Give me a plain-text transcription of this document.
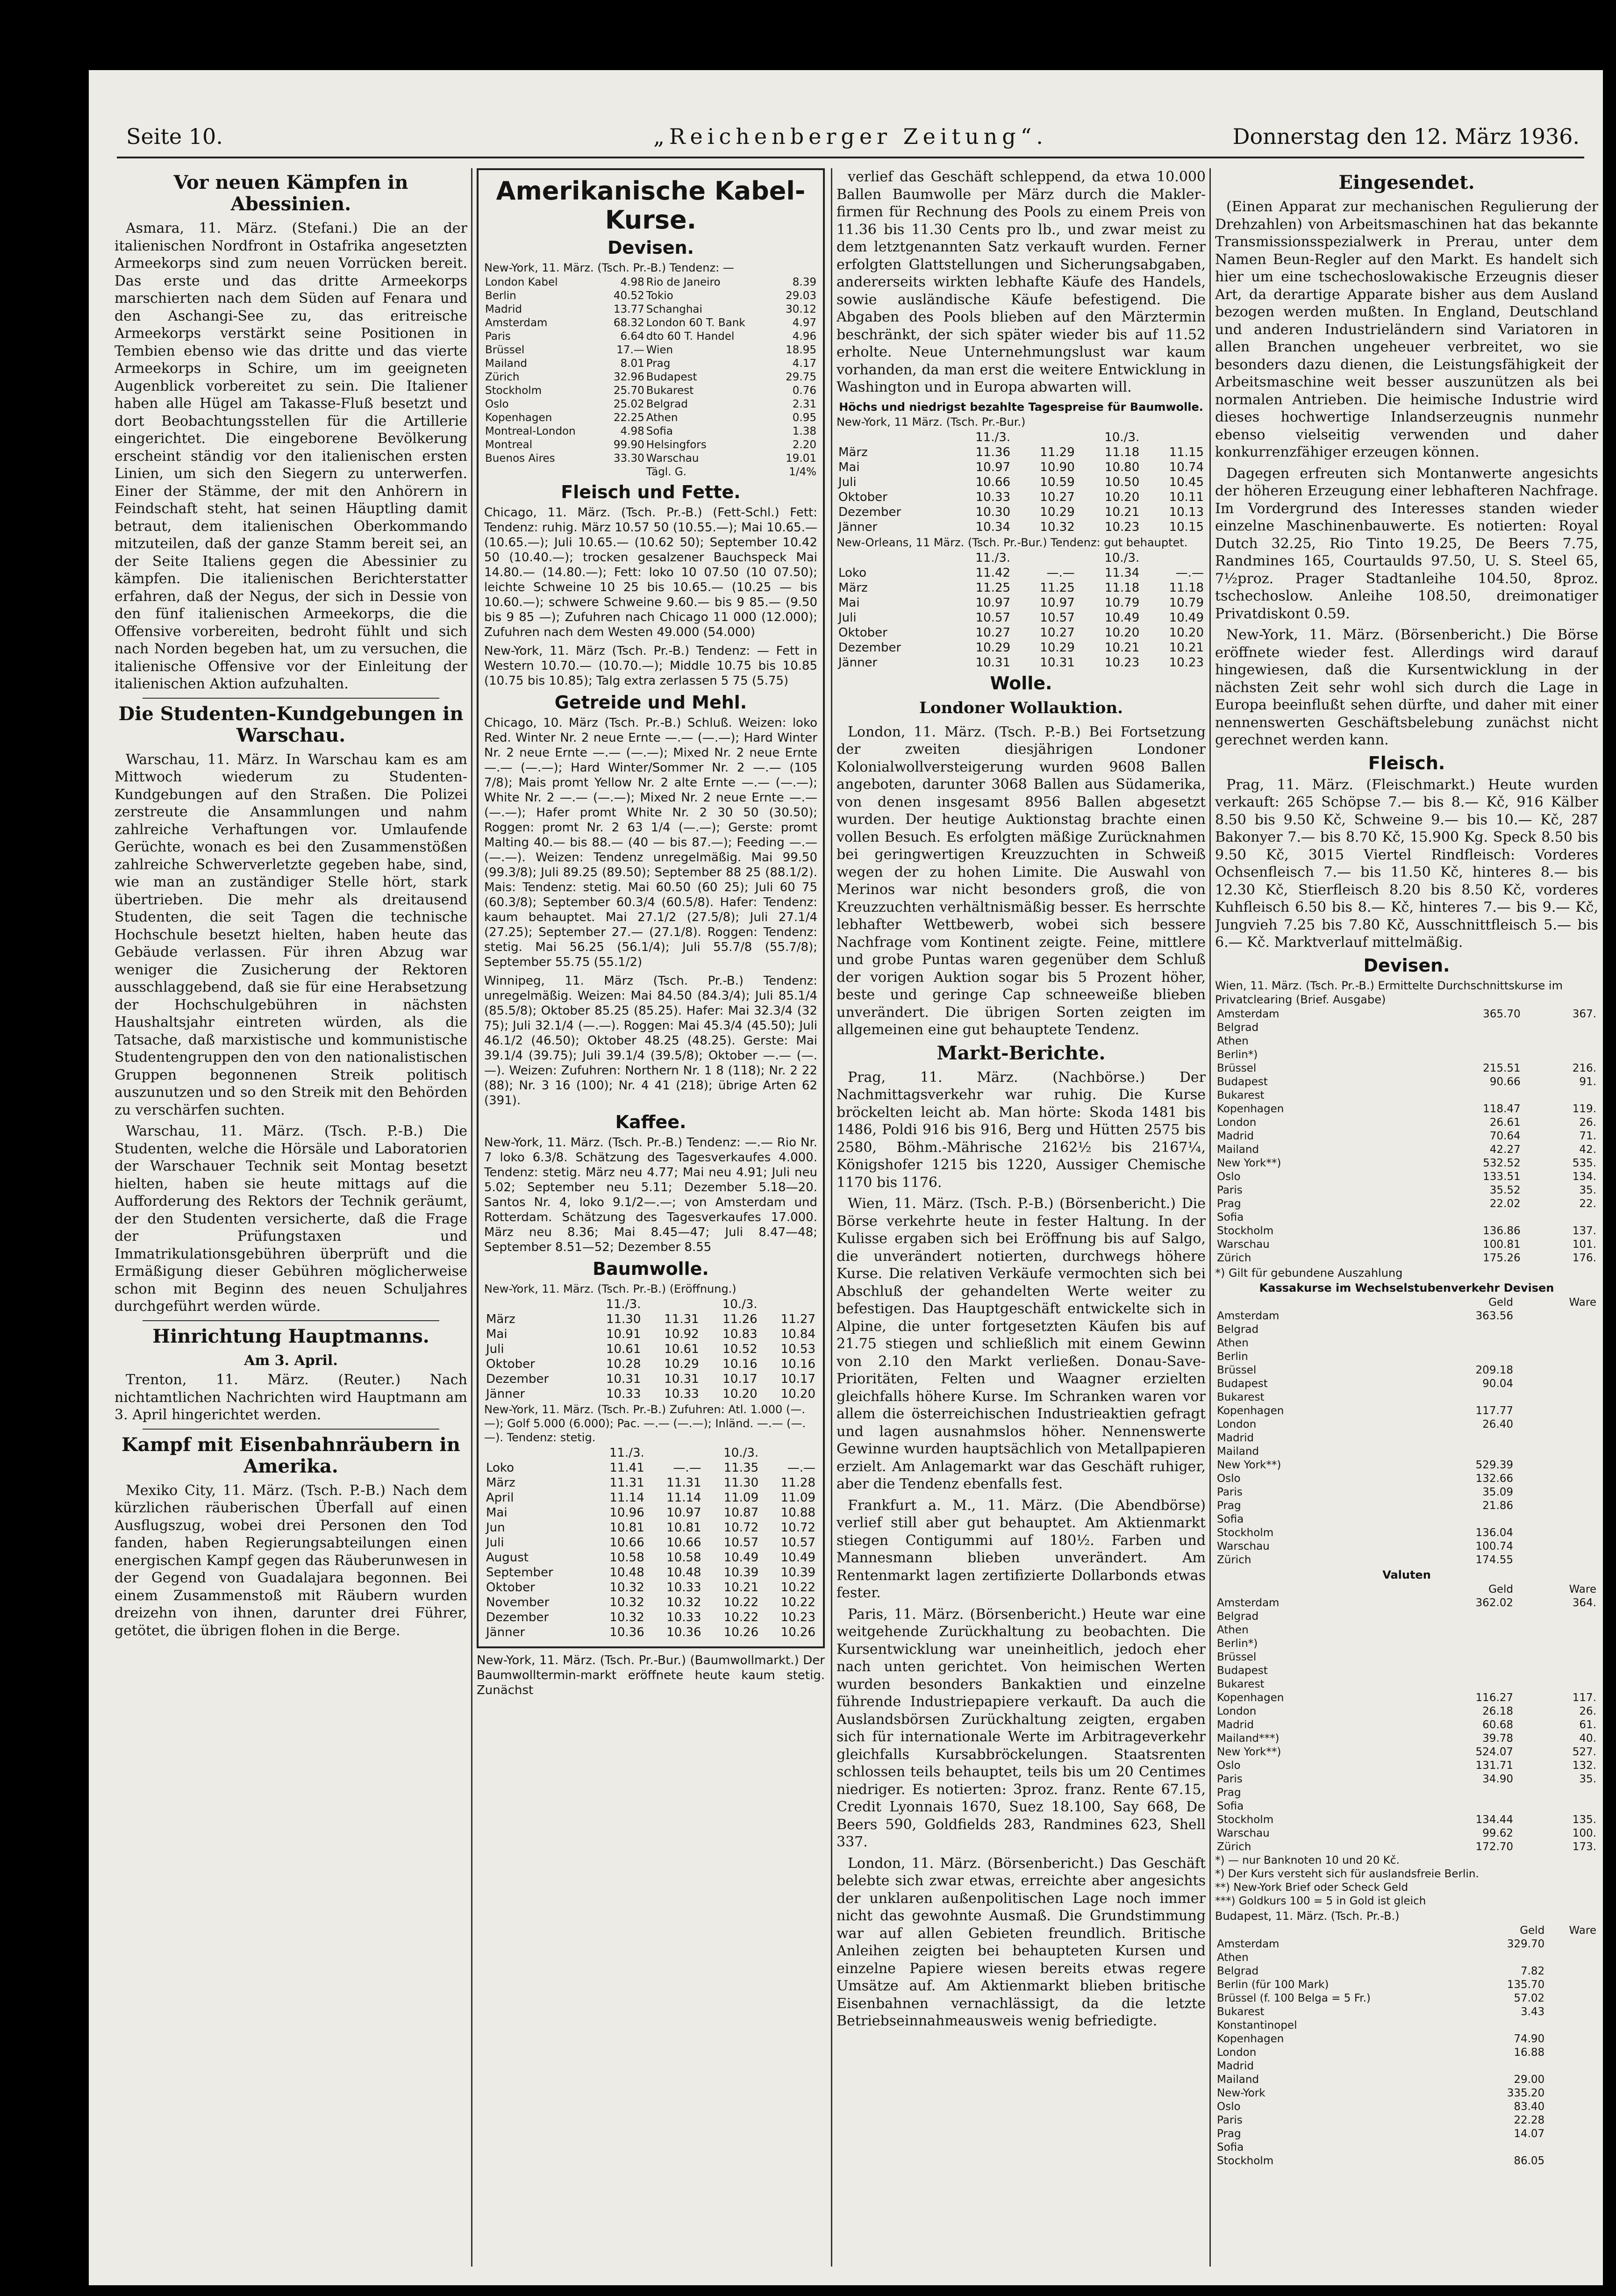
Seite 10.	„Reichenberger Zeitung“.	Donnerstag den 12. März 1936.
Vor neuen Kämpfen in Abessinien.

Asmara, 11. März. (Stefani.) Die an der italienischen Nordfront in Ostafrika angesetzten Armeekorps sind zum neuen Vorrücken bereit. Das erste und das dritte Armeekorps marschierten nach dem Süden auf Fenara und den Aschangi-See zu, das eritreische Armeekorps verstärkt seine Positionen in Tembien ebenso wie das dritte und das vierte Armeekorps in Schire, um im geeigneten Augenblick vorbereitet zu sein. Die Italiener haben alle Hügel am Takasse-Fluß besetzt und dort Beobachtungsstellen für die Artillerie eingerichtet. Die eingeborene Bevölkerung erscheint ständig vor den italienischen ersten Linien, um sich den Siegern zu unterwerfen. Einer der Stämme, der mit den Anhörern in Feindschaft steht, hat seinen Häuptling damit betraut, dem italienischen Oberkommando mitzuteilen, daß der ganze Stamm bereit sei, an der Seite Italiens gegen die Abessinier zu kämpfen. Die italienischen Berichterstatter erfahren, daß der Negus, der sich in Dessie von den fünf italienischen Armeekorps, die die Offensive vorbereiten, bedroht fühlt und sich nach Norden begeben hat, um zu versuchen, die italienische Offensive vor der Einleitung der italienischen Aktion aufzuhalten.

Die Studenten-Kundgebungen in Warschau.

Warschau, 11. März. In Warschau kam es am Mittwoch wiederum zu Studenten-Kundgebungen auf den Straßen. Die Polizei zerstreute die Ansammlungen und nahm zahlreiche Verhaftungen vor. Umlaufende Gerüchte, wonach es bei den Zusammenstößen zahlreiche Schwerverletzte gegeben habe, sind, wie man an zuständiger Stelle hört, stark übertrieben. Die mehr als dreitausend Studenten, die seit Tagen die technische Hochschule besetzt hielten, haben heute das Gebäude verlassen. Für ihren Abzug war weniger die Zusicherung der Rektoren ausschlaggebend, daß sie für eine Herabsetzung der Hochschulgebühren in nächsten Haushaltsjahr eintreten würden, als die Tatsache, daß marxistische und kommunistische Studentengruppen den von den nationalistischen Gruppen begonnenen Streik politisch auszunutzen und so den Streik mit den Behörden zu verschärfen suchten.

Warschau, 11. März. (Tsch. P.-B.) Die Studenten, welche die Hörsäle und Laboratorien der Warschauer Technik seit Montag besetzt hielten, haben sie heute mittags auf die Aufforderung des Rektors der Technik geräumt, der den Studenten versicherte, daß die Frage der Prüfungstaxen und Immatrikulationsgebühren überprüft und die Ermäßigung dieser Gebühren möglicherweise schon mit Beginn des neuen Schuljahres durchgeführt werden würde.

Hinrichtung Hauptmanns.
Am 3. April.

Trenton, 11. März. (Reuter.) Nach nichtamtlichen Nachrichten wird Hauptmann am 3. April hingerichtet werden.

Kampf mit Eisenbahnräubern in Amerika.

Mexiko City, 11. März. (Tsch. P.-B.) Nach dem kürzlichen räuberischen Überfall auf einen Ausflugszug, wobei drei Personen den Tod fanden, haben Regierungsabteilungen einen energischen Kampf gegen das Räuberunwesen in der Gegend von Guadalajara begonnen. Bei einem Zusammenstoß mit Räubern wurden dreizehn von ihnen, darunter drei Führer, getötet, die übrigen flohen in die Berge.

Amerikanische Kabel-Kurse.
Devisen.
New-York, 11. März. (Tsch. Pr.-B.) Tendenz: —
London Kabel	4.98	Rio de Janeiro	8.39
Berlin	40.52	Tokio	29.03
Madrid	13.77	Schanghai	30.12
Amsterdam	68.32	London 60 T. Bank	4.97
Paris	6.64	dto 60 T. Handel	4.96
Brüssel	17.—	Wien	18.95
Mailand	8.01	Prag	4.17
Zürich	32.96	Budapest	29.75
Stockholm	25.70	Bukarest	0.76
Oslo	25.02	Belgrad	2.31
Kopenhagen	22.25	Athen	0.95
Montreal-London	4.98	Sofia	1.38
Montreal	99.90	Helsingfors	2.20
Buenos Aires	33.30	Warschau	19.01
		Tägl. G.	1/4%
Fleisch und Fette.

Chicago, 11. März. (Tsch. Pr.-B.) (Fett-Schl.) Fett: Tendenz: ruhig. März 10.57 50 (10.55.—); Mai 10.65.— (10.65.—); Juli 10.65.— (10.62 50); September 10.42 50 (10.40.—); trocken gesalzener Bauchspeck Mai 14.80.— (14.80.—); Fett: loko 10 07.50 (10 07.50); leichte Schweine 10 25 bis 10.65.— (10.25 — bis 10.60.—); schwere Schweine 9.60.— bis 9 85.— (9.50 bis 9 85 —); Zufuhren nach Chicago 11 000 (12.000); Zufuhren nach dem Westen 49.000 (54.000)

New-York, 11. März (Tsch. Pr.-B.) Tendenz: — Fett in Western 10.70.— (10.70.—); Middle 10.75 bis 10.85 (10.75 bis 10.85); Talg extra zerlassen 5 75 (5.75)

Getreide und Mehl.

Chicago, 10. März (Tsch. Pr.-B.) Schluß. Weizen: loko Red. Winter Nr. 2 neue Ernte —.— (—.—); Hard Winter Nr. 2 neue Ernte —.— (—.—); Mixed Nr. 2 neue Ernte —.— (—.—); Hard Winter/Sommer Nr. 2 —.— (105 7/8); Mais promt Yellow Nr. 2 alte Ernte —.— (—.—); White Nr. 2 —.— (—.—); Mixed Nr. 2 neue Ernte —.— (—.—); Hafer promt White Nr. 2 30 50 (30.50); Roggen: promt Nr. 2 63 1/4 (—.—); Gerste: promt Malting 40.— bis 88.— (40 — bis 87.—); Feeding —.— (—.—). Weizen: Tendenz unregelmäßig. Mai 99.50 (99.3/8); Juli 89.25 (89.50); September 88 25 (88.1/2). Mais: Tendenz: stetig. Mai 60.50 (60 25); Juli 60 75 (60.3/8); September 60.3/4 (60.5/8). Hafer: Tendenz: kaum behauptet. Mai 27.1/2 (27.5/8); Juli 27.1/4 (27.25); September 27.— (27.1/8). Roggen: Tendenz: stetig. Mai 56.25 (56.1/4); Juli 55.7/8 (55.7/8); September 55.75 (55.1/2)

Winnipeg, 11. März (Tsch. Pr.-B.) Tendenz: unregelmäßig. Weizen: Mai 84.50 (84.3/4); Juli 85.1/4 (85.5/8); Oktober 85.25 (85.25). Hafer: Mai 32.3/4 (32 75); Juli 32.1/4 (—.—). Roggen: Mai 45.3/4 (45.50); Juli 46.1/2 (46.50); Oktober 48.25 (48.25). Gerste: Mai 39.1/4 (39.75); Juli 39.1/4 (39.5/8); Oktober —.— (—.—). Weizen: Zufuhren: Northern Nr. 1 8 (118); Nr. 2 22 (88); Nr. 3 16 (100); Nr. 4 41 (218); übrige Arten 62 (391).

Kaffee.

New-York, 11. März. (Tsch. Pr.-B.) Tendenz: —.— Rio Nr. 7 loko 6.3/8. Schätzung des Tagesverkaufes 4.000. Tendenz: stetig. März neu 4.77; Mai neu 4.91; Juli neu 5.02; September neu 5.11; Dezember 5.18—20. Santos Nr. 4, loko 9.1/2—.—; von Amsterdam und Rotterdam. Schätzung des Tagesverkaufes 17.000. März neu 8.36; Mai 8.45—47; Juli 8.47—48; September 8.51—52; Dezember 8.55

Baumwolle.
New-York, 11. März. (Tsch. Pr.-B.) (Eröffnung.)
	11./3.		10./3.	
März	11.30	11.31	11.26	11.27
Mai	10.91	10.92	10.83	10.84
Juli	10.61	10.61	10.52	10.53
Oktober	10.28	10.29	10.16	10.16
Dezember	10.31	10.31	10.17	10.17
Jänner	10.33	10.33	10.20	10.20
New-York, 11. März. (Tsch. Pr.-B.) Zufuhren: Atl. 1.000 (—.—); Golf 5.000 (6.000); Pac. —.— (—.—); Inländ. —.— (—.—). Tendenz: stetig.
	11./3.		10./3.	
Loko	11.41	—.—	11.35	—.—
März	11.31	11.31	11.30	11.28
April	11.14	11.14	11.09	11.09
Mai	10.96	10.97	10.87	10.88
Jun	10.81	10.81	10.72	10.72
Juli	10.66	10.66	10.57	10.57
August	10.58	10.58	10.49	10.49
September	10.48	10.48	10.39	10.39
Oktober	10.32	10.33	10.21	10.22
November	10.32	10.32	10.22	10.22
Dezember	10.32	10.33	10.22	10.23
Jänner	10.36	10.36	10.26	10.26

New-York, 11. März. (Tsch. Pr.-Bur.) (Baumwollmarkt.) Der Baumwolltermin-markt eröffnete heute kaum stetig. Zunächst

verlief das Geschäft schleppend, da etwa 10.000 Ballen Baumwolle per März durch die Makler-firmen für Rechnung des Pools zu einem Preis von 11.36 bis 11.30 Cents pro lb., und zwar meist zu dem letztgenannten Satz verkauft wurden. Ferner erfolgten Glattstellungen und Sicherungsabgaben, andererseits wirkten lebhafte Käufe des Handels, sowie ausländische Käufe befestigend. Die Abgaben des Pools blieben auf den Märztermin beschränkt, der sich später wieder bis auf 11.52 erholte. Neue Unternehmungslust war kaum vorhanden, da man erst die weitere Entwicklung in Washington und in Europa abwarten will.

Höchs und niedrigst bezahlte Tagespreise für Baumwolle.
New-York, 11 März. (Tsch. Pr.-Bur.)
	11./3.		10./3.	
März	11.36	11.29	11.18	11.15
Mai	10.97	10.90	10.80	10.74
Juli	10.66	10.59	10.50	10.45
Oktober	10.33	10.27	10.20	10.11
Dezember	10.30	10.29	10.21	10.13
Jänner	10.34	10.32	10.23	10.15
New-Orleans, 11 März. (Tsch. Pr.-Bur.) Tendenz: gut behauptet.
	11./3.		10./3.	
Loko	11.42	—.—	11.34	—.—
März	11.25	11.25	11.18	11.18
Mai	10.97	10.97	10.79	10.79
Juli	10.57	10.57	10.49	10.49
Oktober	10.27	10.27	10.20	10.20
Dezember	10.29	10.29	10.21	10.21
Jänner	10.31	10.31	10.23	10.23
Wolle.
Londoner Wollauktion.

London, 11. März. (Tsch. P.-B.) Bei Fortsetzung der zweiten diesjährigen Londoner Kolonialwollversteigerung wurden 9608 Ballen angeboten, darunter 3068 Ballen aus Südamerika, von denen insgesamt 8956 Ballen abgesetzt wurden. Der heutige Auktionstag brachte einen vollen Besuch. Es erfolgten mäßige Zurücknahmen bei geringwertigen Kreuzzuchten in Schweiß wegen der zu hohen Limite. Die Auswahl von Merinos war nicht besonders groß, die von Kreuzzuchten verhältnismäßig besser. Es herrschte lebhafter Wettbewerb, wobei sich bessere Nachfrage vom Kontinent zeigte. Feine, mittlere und grobe Puntas waren gegenüber dem Schluß der vorigen Auktion sogar bis 5 Prozent höher, beste und geringe Cap schneeweiße blieben unverändert. Die übrigen Sorten zeigten im allgemeinen eine gut behauptete Tendenz.

Markt-Berichte.

Prag, 11. März. (Nachbörse.) Der Nachmittagsverkehr war ruhig. Die Kurse bröckelten leicht ab. Man hörte: Skoda 1481 bis 1486, Poldi 916 bis 916, Berg und Hütten 2575 bis 2580, Böhm.-Mährische 2162½ bis 2167¼, Königshofer 1215 bis 1220, Aussiger Chemische 1170 bis 1176.

Wien, 11. März. (Tsch. P.-B.) (Börsenbericht.) Die Börse verkehrte heute in fester Haltung. In der Kulisse ergaben sich bei Eröffnung bis auf Salgo, die unverändert notierten, durchwegs höhere Kurse. Die relativen Verkäufe vermochten sich bei Abschluß der gehandelten Werte weiter zu befestigen. Das Hauptgeschäft entwickelte sich in Alpine, die unter fortgesetzten Käufen bis auf 21.75 stiegen und schließlich mit einem Gewinn von 2.10 den Markt verließen. Donau-Save-Prioritäten, Felten und Waagner erzielten gleichfalls höhere Kurse. Im Schranken waren vor allem die österreichischen Industrieaktien gefragt und lagen ausnahmslos höher. Nennenswerte Gewinne wurden hauptsächlich von Metallpapieren erzielt. Am Anlagemarkt war das Geschäft ruhiger, aber die Tendenz ebenfalls fest.

Frankfurt a. M., 11. März. (Die Abendbörse) verlief still aber gut behauptet. Am Aktienmarkt stiegen Contigummi auf 180½. Farben und Mannesmann blieben unverändert. Am Rentenmarkt lagen zertifizierte Dollarbonds etwas fester.

Paris, 11. März. (Börsenbericht.) Heute war eine weitgehende Zurückhaltung zu beobachten. Die Kursentwicklung war uneinheitlich, jedoch eher nach unten gerichtet. Von heimischen Werten wurden besonders Bankaktien und einzelne führende Industriepapiere verkauft. Da auch die Auslandsbörsen Zurückhaltung zeigten, ergaben sich für internationale Werte im Arbitrageverkehr gleichfalls Kursabbröckelungen. Staatsrenten schlossen teils behauptet, teils bis um 20 Centimes niedriger. Es notierten: 3proz. franz. Rente 67.15, Credit Lyonnais 1670, Suez 18.100, Say 668, De Beers 590, Goldfields 283, Randmines 623, Shell 337.

London, 11. März. (Börsenbericht.) Das Geschäft belebte sich zwar etwas, erreichte aber angesichts der unklaren außenpolitischen Lage noch immer nicht das gewohnte Ausmaß. Die Grundstimmung war auf allen Gebieten freundlich. Britische Anleihen zeigten bei behaupteten Kursen und einzelne Papiere wiesen bereits etwas regere Umsätze auf. Am Aktienmarkt blieben britische Eisenbahnen vernachlässigt, da die letzte Betriebseinnahmeausweis wenig befriedigte.

Eingesendet.

(Einen Apparat zur mechanischen Regulierung der Drehzahlen) von Arbeitsmaschinen hat das bekannte Transmissionsspezialwerk in Prerau, unter dem Namen Beun-Regler auf den Markt. Es handelt sich hier um eine tschechoslowakische Erzeugnis dieser Art, da derartige Apparate bisher aus dem Ausland bezogen werden mußten. In England, Deutschland und anderen Industrieländern sind Variatoren in allen Branchen ungeheuer verbreitet, wo sie besonders dazu dienen, die Leistungsfähigkeit der Arbeitsmaschine weit besser auszunützen als bei normalen Antrieben. Die heimische Industrie wird dieses hochwertige Inlandserzeugnis nunmehr ebenso vielseitig verwenden und daher konkurrenzfähiger erzeugen können.

Dagegen erfreuten sich Montanwerte angesichts der höheren Erzeugung einer lebhafteren Nachfrage. Im Vordergrund des Interesses standen wieder einzelne Maschinenbauwerte. Es notierten: Royal Dutch 32.25, Rio Tinto 19.25, De Beers 7.75, Randmines 165, Courtaulds 97.50, U. S. Steel 65, 7½proz. Prager Stadtanleihe 104.50, 8proz. tschechoslow. Anleihe 108.50, dreimonatiger Privatdiskont 0.59.

New-York, 11. März. (Börsenbericht.) Die Börse eröffnete wieder fest. Allerdings wird darauf hingewiesen, daß die Kursentwicklung in der nächsten Zeit sehr wohl sich durch die Lage in Europa beeinflußt sehen dürfte, und daher mit einer nennenswerten Geschäftsbelebung zunächst nicht gerechnet werden kann.

Fleisch.

Prag, 11. März. (Fleischmarkt.) Heute wurden verkauft: 265 Schöpse 7.— bis 8.— Kč, 916 Kälber 8.50 bis 9.50 Kč, Schweine 9.— bis 10.— Kč, 287 Bakonyer 7.— bis 8.70 Kč, 15.900 Kg. Speck 8.50 bis 9.50 Kč, 3015 Viertel Rindfleisch: Vorderes Ochsenfleisch 7.— bis 11.50 Kč, hinteres 8.— bis 12.30 Kč, Stierfleisch 8.20 bis 8.50 Kč, vorderes Kuhfleisch 6.50 bis 8.— Kč, hinteres 7.— bis 9.— Kč, Jungvieh 7.25 bis 7.80 Kč, Ausschnittfleisch 5.— bis 6.— Kč. Marktverlauf mittelmäßig.

Devisen.
Wien, 11. März. (Tsch. Pr.-B.) Ermittelte Durchschnittskurse im Privatclearing (Brief. Ausgabe)
Amsterdam	365.70	367.
Belgrad		
Athen		
Berlin*)		
Brüssel	215.51	216.
Budapest	90.66	91.
Bukarest		
Kopenhagen	118.47	119.
London	26.61	26.
Madrid	70.64	71.
Mailand	42.27	42.
New York**)	532.52	535.
Oslo	133.51	134.
Paris	35.52	35.
Prag	22.02	22.
Sofia		
Stockholm	136.86	137.
Warschau	100.81	101.
Zürich	175.26	176.
*) Gilt für gebundene Auszahlung
Kassakurse im Wechselstubenverkehr Devisen
	Geld	Ware
Amsterdam	363.56	
Belgrad		
Athen		
Berlin		
Brüssel	209.18	
Budapest	90.04	
Bukarest		
Kopenhagen	117.77	
London	26.40	
Madrid		
Mailand		
New York**)	529.39	
Oslo	132.66	
Paris	35.09	
Prag	21.86	
Sofia		
Stockholm	136.04	
Warschau	100.74	
Zürich	174.55	
Valuten
	Geld	Ware
Amsterdam	362.02	364.
Belgrad		
Athen		
Berlin*)		
Brüssel		
Budapest		
Bukarest		
Kopenhagen	116.27	117.
London	26.18	26.
Madrid	60.68	61.
Mailand***)	39.78	40.
New York**)	524.07	527.
Oslo	131.71	132.
Paris	34.90	35.
Prag		
Sofia		
Stockholm	134.44	135.
Warschau	99.62	100.
Zürich	172.70	173.
*) — nur Banknoten 10 und 20 Kč.
*) Der Kurs versteht sich für auslandsfreie Berlin.
**) New-York Brief oder Scheck Geld
***) Goldkurs 100 = 5 in Gold ist gleich
Budapest, 11. März. (Tsch. Pr.-B.)
	Geld	Ware
Amsterdam	329.70	
Athen		
Belgrad	7.82	
Berlin (für 100 Mark)	135.70	
Brüssel (f. 100 Belga = 5 Fr.)	57.02	
Bukarest	3.43	
Konstantinopel		
Kopenhagen	74.90	
London	16.88	
Madrid		
Mailand	29.00	
New-York	335.20	
Oslo	83.40	
Paris	22.28	
Prag	14.07	
Sofia		
Stockholm	86.05	
